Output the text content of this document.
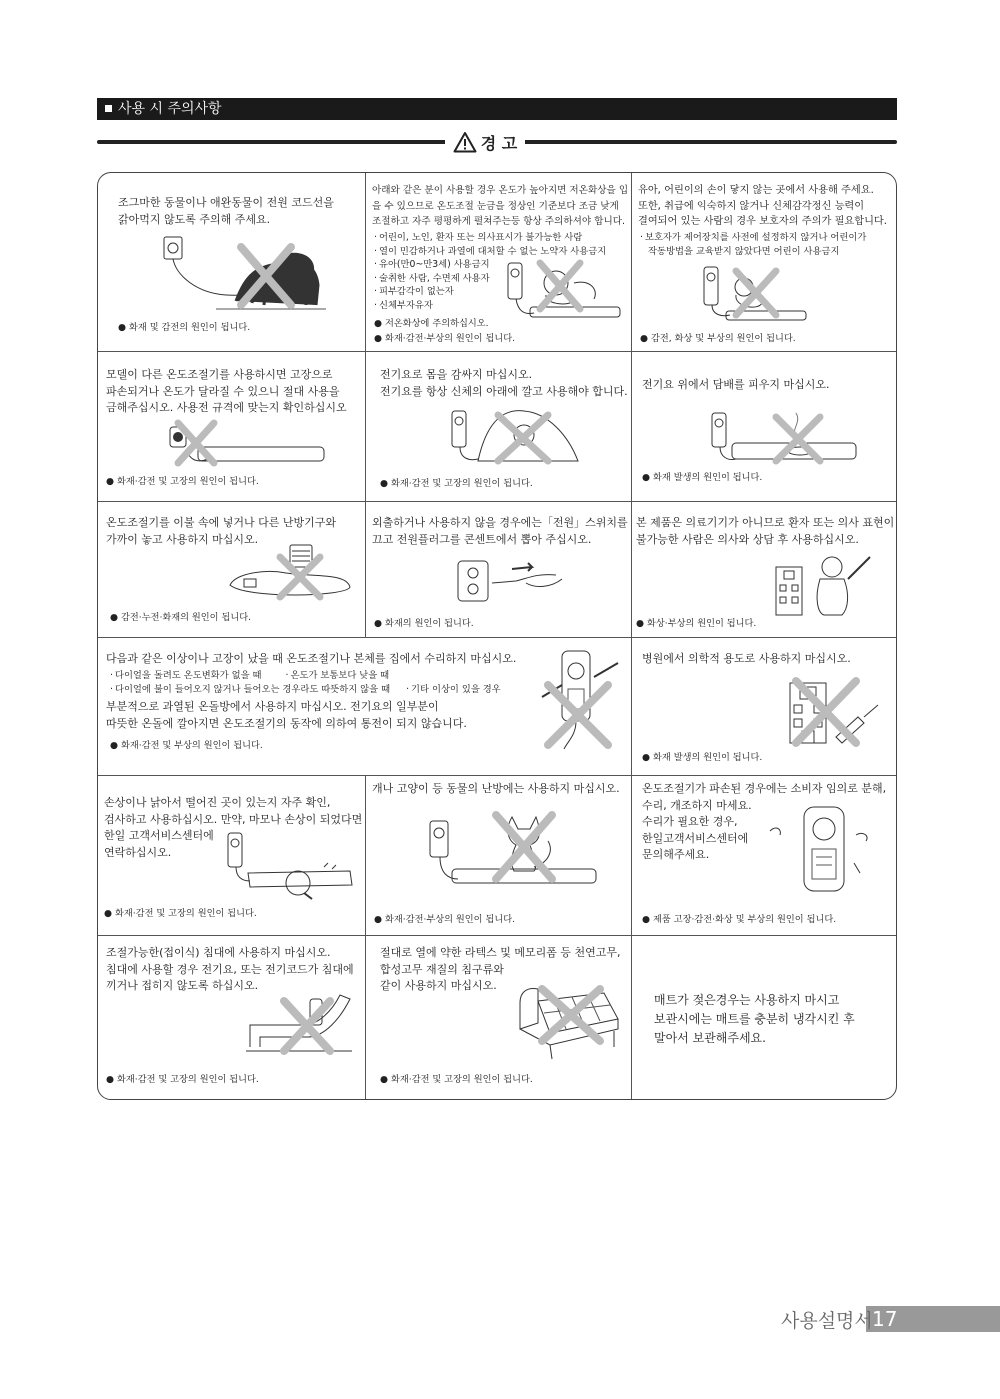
사용 시 주의사항
경 고
조그마한 동물이나 애완동물이 전원 코드선을
갉아먹지 않도록 주의해 주세요.
● 화재 및 감전의 원인이 됩니다.
아래와 같은 분이 사용할 경우 온도가 높아지면 저온화상을 입
을 수 있으므로 온도조절 눈금을 정상인 기준보다 조금 낮게
조절하고 자주 평평하게 펼쳐주는등 항상 주의하셔야 합니다.
· 어린이, 노인, 환자 또는 의사표시가 불가능한 사람
· 열이 민감하거나 과열에 대처할 수 없는 노약자 사용금지
· 유아(만0~만3세) 사용금지
· 술취한 사람, 수면제 사용자
· 피부감각이 없는자
· 신체부자유자
● 저온화상에 주의하십시오.
● 화재·감전·부상의 원인이 됩니다.
유아, 어린이의 손이 닿지 않는 곳에서 사용해 주세요.
또한, 취급에 익숙하지 않거나 신체감각정신 능력이
결여되어 있는 사람의 경우 보호자의 주의가 필요합니다.
· 보호자가 제어장치를 사전에 설정하지 않거나 어린이가
작동방법을 교육받지 않았다면 어린이 사용금지
● 감전, 화상 및 부상의 원인이 됩니다.
모델이 다른 온도조절기를 사용하시면 고장으로
파손되거나 온도가 달라질 수 있으니 절대 사용을
금해주십시오. 사용전 규격에 맞는지 확인하십시오
● 화재·감전 및 고장의 원인이 됩니다.
전기요로 몸을 감싸지 마십시오.
전기요를 항상 신체의 아래에 깔고 사용해야 합니다.
● 화재·감전 및 고장의 원인이 됩니다.
전기요 위에서 담배를 피우지 마십시오.
● 화재 발생의 원인이 됩니다.
온도조절기를 이불 속에 넣거나 다른 난방기구와
가까이 놓고 사용하지 마십시오.
● 감전·누전·화재의 원인이 됩니다.
외출하거나 사용하지 않을 경우에는「전원」스위치를
끄고 전원플러그를 콘센트에서 뽑아 주십시오.
● 화재의 원인이 됩니다.
본 제품은 의료기기가 아니므로 환자 또는 의사 표현이
불가능한 사람은 의사와 상담 후 사용하십시오.
● 화상·부상의 원인이 됩니다.
다음과 같은 이상이나 고장이 났을 때 온도조절기나 본체를 집에서 수리하지 마십시오.
· 다이얼을 돌려도 온도변화가 없을 때	· 온도가 보통보다 낮을 때
· 다이얼에 불이 들어오지 않거나 들어오는 경우라도 따뜻하지 않을 때 · 기타 이상이 있을 경우
부분적으로 과열된 온돌방에서 사용하지 마십시오. 전기요의 일부분이
따뜻한 온돌에 깔아지면 온도조절기의 동작에 의하여 통전이 되지 않습니다.
● 화재·감전 및 부상의 원인이 됩니다.
병원에서 의학적 용도로 사용하지 마십시오.
● 화재 발생의 원인이 됩니다.
손상이나 낡아서 떨어진 곳이 있는지 자주 확인,
검사하고 사용하십시오. 만약, 마모나 손상이 되었다면
한일 고객서비스센터에
연락하십시오.
● 화재·감전 및 고장의 원인이 됩니다.
개나 고양이 등 동물의 난방에는 사용하지 마십시오.
● 화재·감전·부상의 원인이 됩니다.
온도조절기가 파손된 경우에는 소비자 임의로 분해,
수리, 개조하지 마세요.
수리가 필요한 경우,
한일고객서비스센터에
문의해주세요.
● 제품 고장·감전·화상 및 부상의 원인이 됩니다.
조절가능한(접이식) 침대에 사용하지 마십시오.
침대에 사용할 경우 전기요, 또는 전기코드가 침대에
끼거나 접히지 않도록 하십시오.
● 화재·감전 및 고장의 원인이 됩니다.
절대로 열에 약한 라텍스 및 메모리폼 등 천연고무,
합성고무 재질의 침구류와
같이 사용하지 마십시오.
● 화재·감전 및 고장의 원인이 됩니다.
매트가 젖은경우는 사용하지 마시고
보관시에는 매트를 충분히 냉각시킨 후
말아서 보관해주세요.
사용설명서 17
